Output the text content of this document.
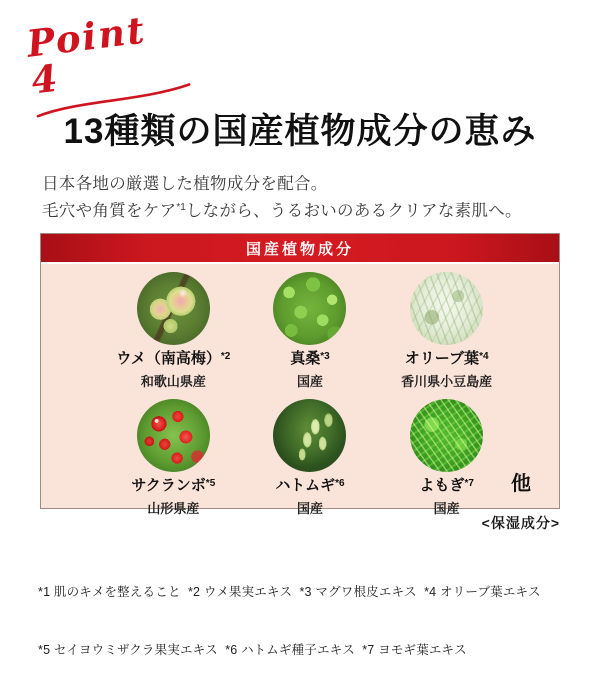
Point 4
13種類の国産植物成分の恵み
日本各地の厳選した植物成分を配合。
毛穴や角質をケア$^{*1}$しながら、うるおいのあるクリアな素肌へ。
国産植物成分
ウメ（南高梅）$^{*2}$
和歌山県産
真桑$^{*3}$
国産
オリーブ葉$^{*4}$
香川県小豆島産
サクランボ$^{*5}$
山形県産
ハトムギ$^{*6}$
国産
よもぎ$^{*7}$
国産
他
<保湿成分>

*1 肌のキメを整えること  *2 ウメ果実エキス  *3 マグワ根皮エキス  *4 オリーブ葉エキス

*5 セイヨウミザクラ果実エキス  *6 ハトムギ種子エキス  *7 ヨモギ葉エキス
